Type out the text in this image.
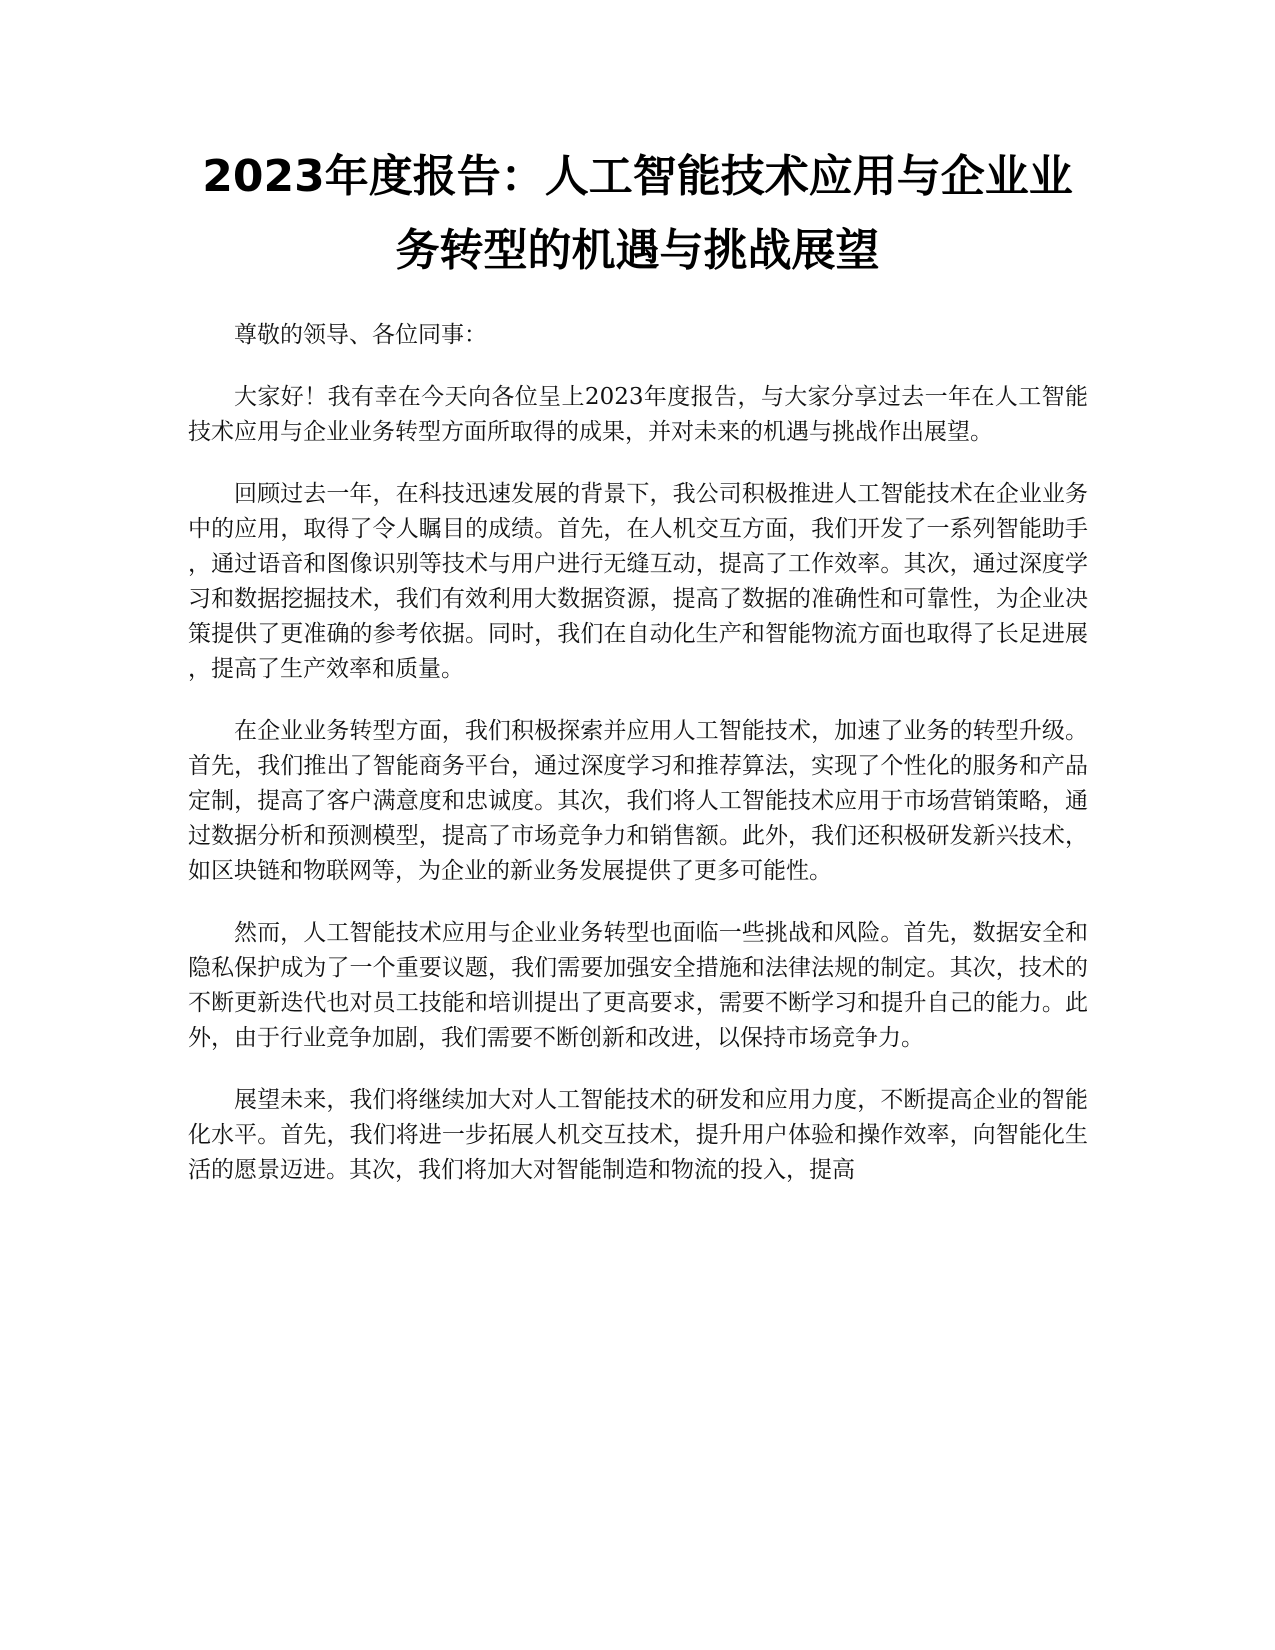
2023年度报告：人工智能技术应用与企业业务转型的机遇与挑战展望

尊敬的领导、各位同事：

大家好！我有幸在今天向各位呈上2023年度报告，与大家分享过去一年在人工智能技术应用与企业业务转型方面所取得的成果，并对未来的机遇与挑战作出展望。

回顾过去一年，在科技迅速发展的背景下，我公司积极推进人工智能技术在企业业务中的应用，取得了令人瞩目的成绩。首先，在人机交互方面，我们开发了一系列智能助手，通过语音和图像识别等技术与用户进行无缝互动，提高了工作效率。其次，通过深度学习和数据挖掘技术，我们有效利用大数据资源，提高了数据的准确性和可靠性，为企业决策提供了更准确的参考依据。同时，我们在自动化生产和智能物流方面也取得了长足进展，提高了生产效率和质量。

在企业业务转型方面，我们积极探索并应用人工智能技术，加速了业务的转型升级。首先，我们推出了智能商务平台，通过深度学习和推荐算法，实现了个性化的服务和产品定制，提高了客户满意度和忠诚度。其次，我们将人工智能技术应用于市场营销策略，通过数据分析和预测模型，提高了市场竞争力和销售额。此外，我们还积极研发新兴技术，如区块链和物联网等，为企业的新业务发展提供了更多可能性。

然而，人工智能技术应用与企业业务转型也面临一些挑战和风险。首先，数据安全和隐私保护成为了一个重要议题，我们需要加强安全措施和法律法规的制定。其次，技术的不断更新迭代也对员工技能和培训提出了更高要求，需要不断学习和提升自己的能力。此外，由于行业竞争加剧，我们需要不断创新和改进，以保持市场竞争力。

展望未来，我们将继续加大对人工智能技术的研发和应用力度，不断提高企业的智能化水平。首先，我们将进一步拓展人机交互技术，提升用户体验和操作效率，向智能化生活的愿景迈进。其次，我们将加大对智能制造和物流的投入，提高
